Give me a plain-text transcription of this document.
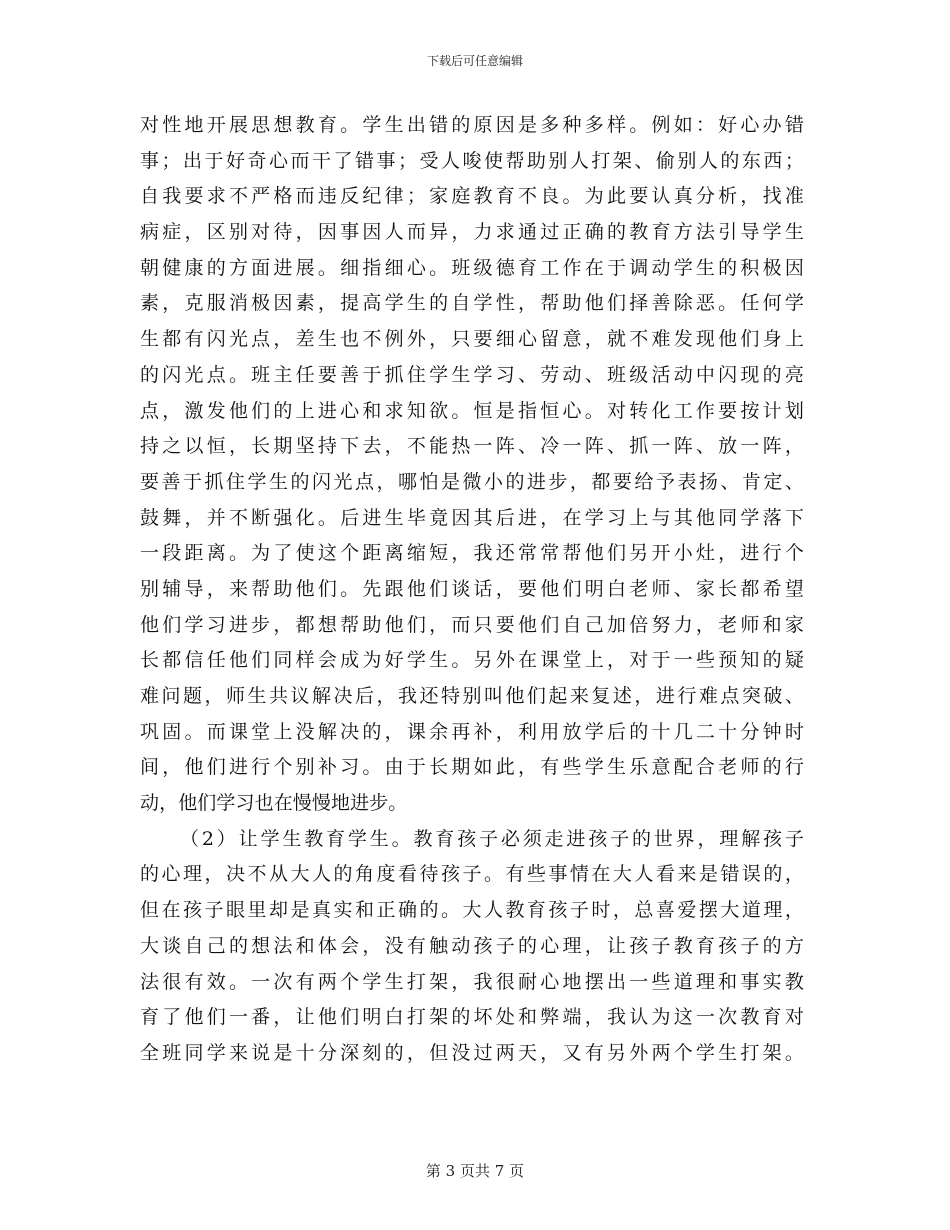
下载后可任意编辑
对性地开展思想教育。学生出错的原因是多种多样。例如：好心办错
事；出于好奇心而干了错事；受人唆使帮助别人打架、偷别人的东西；
自我要求不严格而违反纪律；家庭教育不良。为此要认真分析，找准
病症，区别对待，因事因人而异，力求通过正确的教育方法引导学生
朝健康的方面进展。细指细心。班级德育工作在于调动学生的积极因
素，克服消极因素，提高学生的自学性，帮助他们择善除恶。任何学
生都有闪光点，差生也不例外，只要细心留意，就不难发现他们身上
的闪光点。班主任要善于抓住学生学习、劳动、班级活动中闪现的亮
点，激发他们的上进心和求知欲。恒是指恒心。对转化工作要按计划
持之以恒，长期坚持下去，不能热一阵、冷一阵、抓一阵、放一阵，
要善于抓住学生的闪光点，哪怕是微小的进步，都要给予表扬、肯定、
鼓舞，并不断强化。后进生毕竟因其后进，在学习上与其他同学落下
一段距离。为了使这个距离缩短，我还常常帮他们另开小灶，进行个
别辅导，来帮助他们。先跟他们谈话，要他们明白老师、家长都希望
他们学习进步，都想帮助他们，而只要他们自己加倍努力，老师和家
长都信任他们同样会成为好学生。另外在课堂上，对于一些预知的疑
难问题，师生共议解决后，我还特别叫他们起来复述，进行难点突破、
巩固。而课堂上没解决的，课余再补，利用放学后的十几二十分钟时
间，他们进行个别补习。由于长期如此，有些学生乐意配合老师的行
动，他们学习也在慢慢地进步。
（2）让学生教育学生。教育孩子必须走进孩子的世界，理解孩子
的心理，决不从大人的角度看待孩子。有些事情在大人看来是错误的，
但在孩子眼里却是真实和正确的。大人教育孩子时，总喜爱摆大道理，
大谈自己的想法和体会，没有触动孩子的心理，让孩子教育孩子的方
法很有效。一次有两个学生打架，我很耐心地摆出一些道理和事实教
育了他们一番，让他们明白打架的坏处和弊端，我认为这一次教育对
全班同学来说是十分深刻的，但没过两天，又有另外两个学生打架。
第 3 页共 7 页
